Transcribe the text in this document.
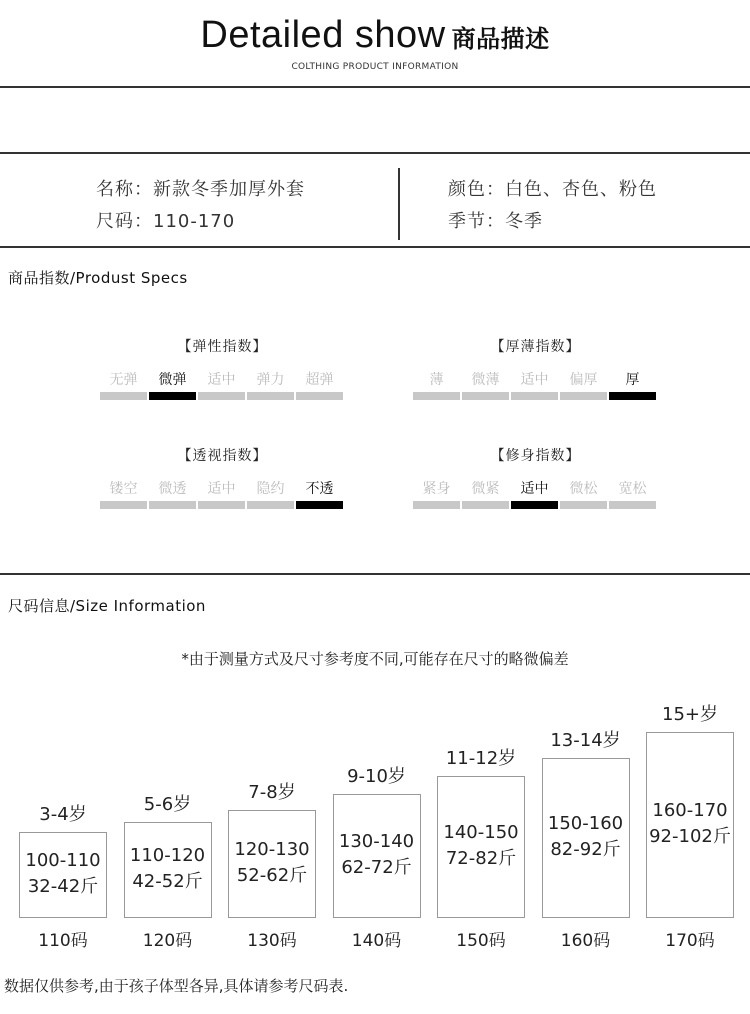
Detailed show 商品描述
COLTHING PRODUCT INFORMATION
名称：新款冬季加厚外套
尺码：110-170
颜色：白色、杏色、粉色
季节：冬季
商品指数/Produst Specs
【弹性指数】
无弹	微弹	适中	弹力	超弹
【厚薄指数】
薄	微薄	适中	偏厚	厚
【透视指数】
镂空	微透	适中	隐约	不透
【修身指数】
紧身	微紧	适中	微松	宽松
尺码信息/Size Information
*由于测量方式及尺寸参考度不同,可能存在尺寸的略微偏差
3-4岁
100-110
32-42斤
110码
5-6岁
110-120
42-52斤
120码
7-8岁
120-130
52-62斤
130码
9-10岁
130-140
62-72斤
140码
11-12岁
140-150
72-82斤
150码
13-14岁
150-160
82-92斤
160码
15+岁
160-170
92-102斤
170码
数据仅供参考,由于孩子体型各异,具体请参考尺码表.
